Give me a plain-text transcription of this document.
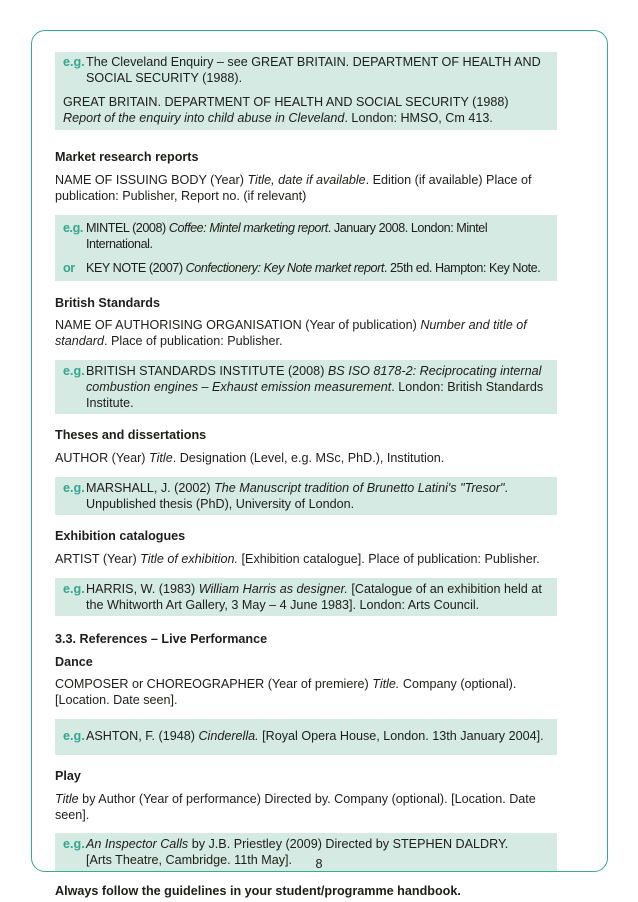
e.g. The Cleveland Enquiry – see GREAT BRITAIN. DEPARTMENT OF HEALTH AND SOCIAL SECURITY (1988).
GREAT BRITAIN. DEPARTMENT OF HEALTH AND SOCIAL SECURITY (1988)
Report of the enquiry into child abuse in Cleveland. London: HMSO, Cm 413.
Market research reports
NAME OF ISSUING BODY (Year) Title, date if available. Edition (if available) Place of publication: Publisher, Report no. (if relevant)
e.g. MINTEL (2008) Coffee: Mintel marketing report. January 2008. London: Mintel International.
or KEY NOTE (2007) Confectionery: Key Note market report. 25th ed. Hampton: Key Note.
British Standards
NAME OF AUTHORISING ORGANISATION (Year of publication) Number and title of standard. Place of publication: Publisher.
e.g. BRITISH STANDARDS INSTITUTE (2008) BS ISO 8178-2: Reciprocating internal combustion engines – Exhaust emission measurement. London: British Standards Institute.
Theses and dissertations
AUTHOR (Year) Title. Designation (Level, e.g. MSc, PhD.), Institution.
e.g. MARSHALL, J. (2002) The Manuscript tradition of Brunetto Latini's "Tresor". Unpublished thesis (PhD), University of London.
Exhibition catalogues
ARTIST (Year) Title of exhibition. [Exhibition catalogue]. Place of publication: Publisher.
e.g. HARRIS, W. (1983) William Harris as designer. [Catalogue of an exhibition held at the Whitworth Art Gallery, 3 May – 4 June 1983]. London: Arts Council.
3.3. References – Live Performance
Dance
COMPOSER or CHOREOGRAPHER (Year of premiere) Title. Company (optional). [Location. Date seen].
e.g. ASHTON, F. (1948) Cinderella. [Royal Opera House, London. 13th January 2004].
Play
Title by Author (Year of performance) Directed by. Company (optional). [Location. Date seen].
e.g. An Inspector Calls by J.B. Priestley (2009) Directed by STEPHEN DALDRY.
[Arts Theatre, Cambridge. 11th May].
Always follow the guidelines in your student/programme handbook.
8
